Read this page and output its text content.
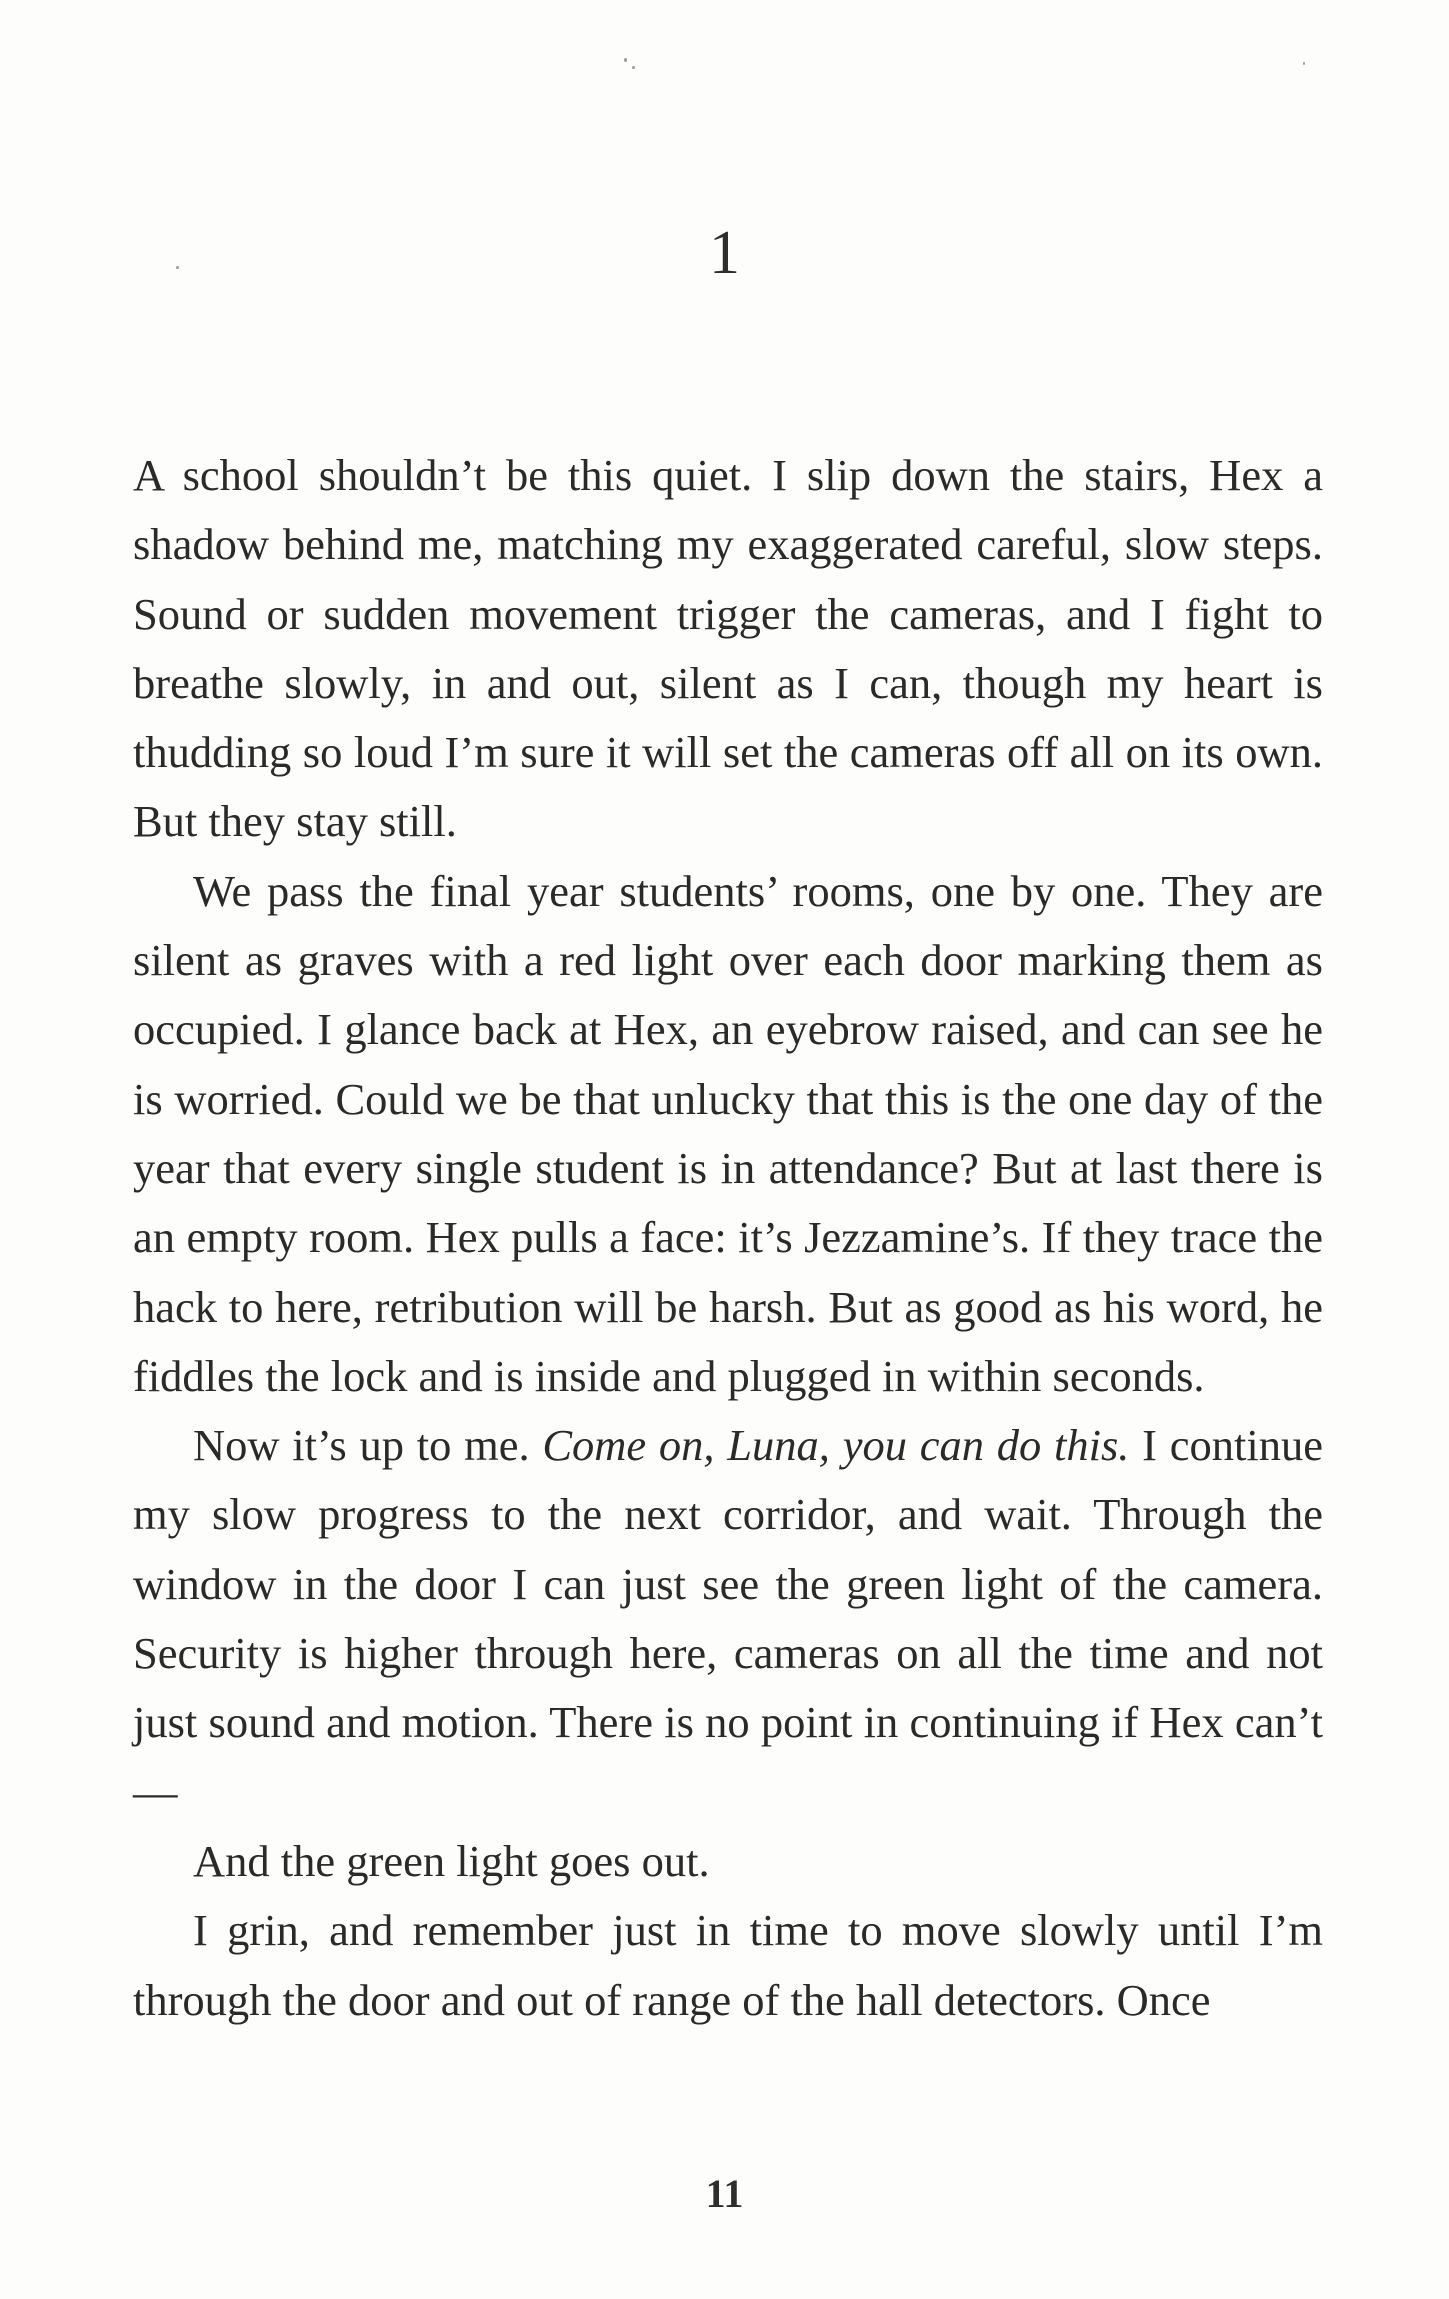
1

A school shouldn’t be this quiet. I slip down the stairs, Hex a shadow behind me, matching my exaggerated careful, slow steps. Sound or sudden movement trigger the cameras, and I fight to breathe slowly, in and out, silent as I can, though my heart is thudding so loud I’m sure it will set the cameras off all on its own. But they stay still.

We pass the final year students’ rooms, one by one. They are silent as graves with a red light over each door marking them as occupied. I glance back at Hex, an eyebrow raised, and can see he is worried. Could we be that unlucky that this is the one day of the year that every single student is in attendance? But at last there is an empty room. Hex pulls a face: it’s Jezzamine’s. If they trace the hack to here, retribution will be harsh. But as good as his word, he fiddles the lock and is inside and plugged in within seconds.

Now it’s up to me. Come on, Luna, you can do this. I continue my slow progress to the next corridor, and wait. Through the window in the door I can just see the green light of the camera. Security is higher through here, cameras on all the time and not just sound and motion. There is no point in continuing if Hex can’t—

And the green light goes out.

I grin, and remember just in time to move slowly until I’m through the door and out of range of the hall detectors. Once

11
